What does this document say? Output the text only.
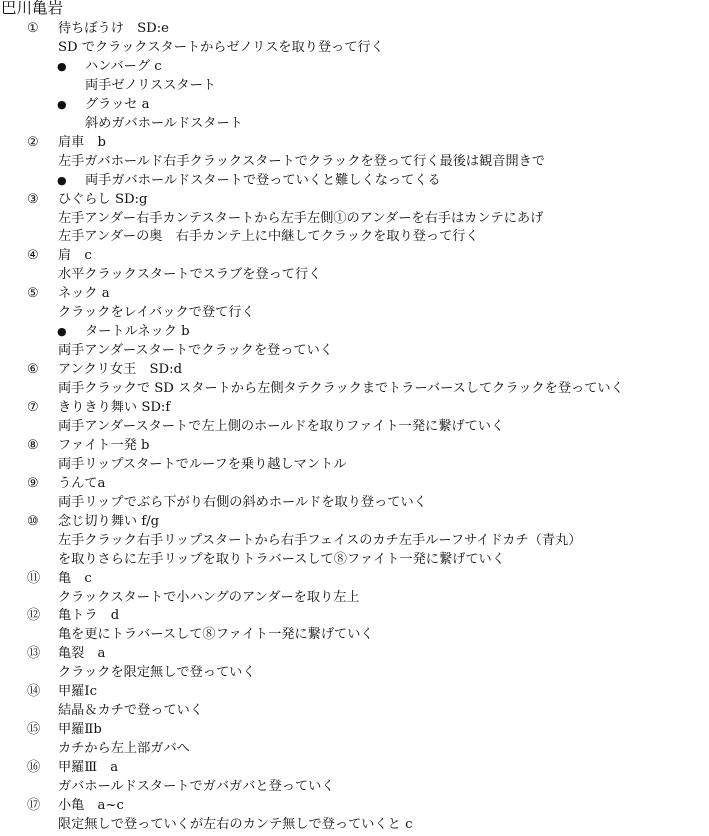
巴川亀岩
①	待ちぼうけ　SD:e
SD でクラックスタートからゼノリスを取り登って行く
●	ハンバーグ c
両手ゼノリススタート
●	グラッセ a
斜めガバホールドスタート
②	肩車　b
左手ガバホールド右手クラックスタートでクラックを登って行く最後は観音開きで
●	両手ガバホールドスタートで登っていくと難しくなってくる
③	ひぐらし SD:g
左手アンダー右手カンテスタートから左手左側①のアンダーを右手はカンテにあげ
左手アンダーの奥　右手カンテ上に中継してクラックを取り登って行く
④	肩　c
水平クラックスタートでスラブを登って行く
⑤	ネック a
クラックをレイバックで登て行く
●	タートルネック b
両手アンダースタートでクラックを登っていく
⑥	アンクリ女王　SD:d
両手クラックで SD スタートから左側タテクラックまでトラーバースしてクラックを登っていく
⑦	きりきり舞い SD:f
両手アンダースタートで左上側のホールドを取りファイト一発に繋げていく
⑧	ファイト一発 b
両手リップスタートでルーフを乗り越しマントル
⑨	うんてa
両手リップでぶら下がり右側の斜めホールドを取り登っていく
⑩	念じ切り舞い f/g
左手クラック右手リップスタートから右手フェイスのカチ左手ルーフサイドカチ（青丸）
を取りさらに左手リップを取りトラバースして⑧ファイト一発に繋げていく
⑪	亀　c
クラックスタートで小ハングのアンダーを取り左上
⑫	亀トラ　d
亀を更にトラバースして⑧ファイト一発に繋げていく
⑬	亀裂　a
クラックを限定無しで登っていく
⑭	甲羅Ⅰc
結晶＆カチで登っていく
⑮	甲羅Ⅱb
カチから左上部ガバへ
⑯	甲羅Ⅲ　a
ガバホールドスタートでガバガバと登っていく
⑰	小亀　a~c
限定無しで登っていくが左右のカンテ無しで登っていくと c
